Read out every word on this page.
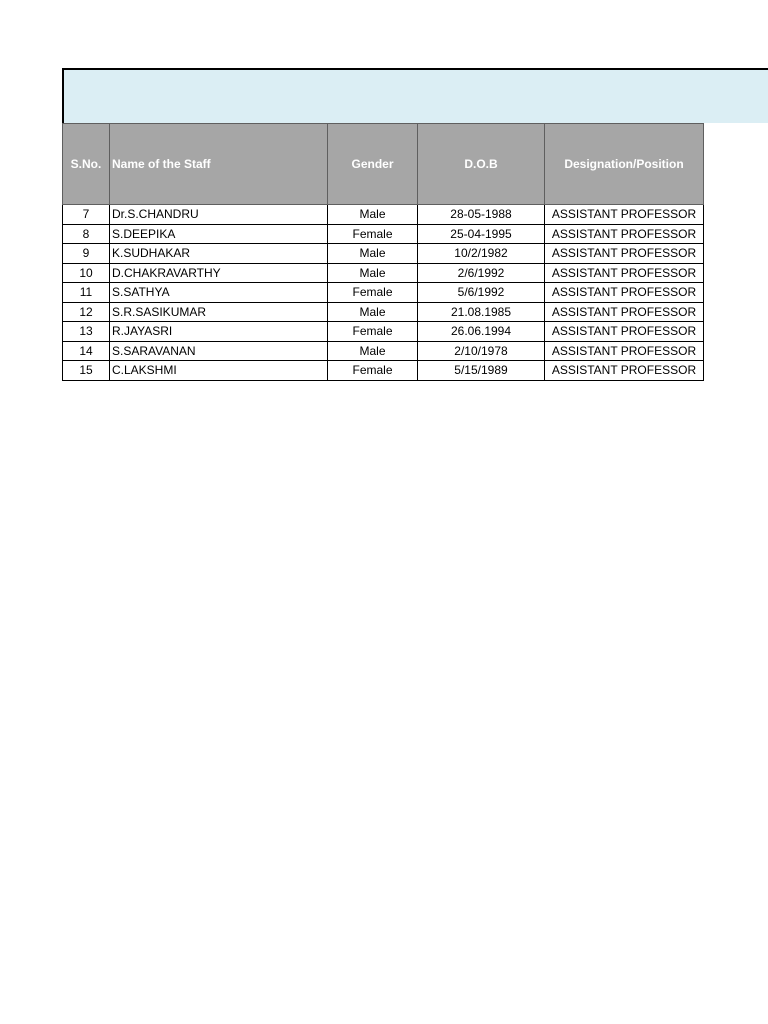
S.No.	Name of the Staff	Gender	D.O.B	Designation/Position
7	Dr.S.CHANDRU	Male	28-05-1988	ASSISTANT PROFESSOR
8	S.DEEPIKA	Female	25-04-1995	ASSISTANT PROFESSOR
9	K.SUDHAKAR	Male	10/2/1982	ASSISTANT PROFESSOR
10	D.CHAKRAVARTHY	Male	2/6/1992	ASSISTANT PROFESSOR
11	S.SATHYA	Female	5/6/1992	ASSISTANT PROFESSOR
12	S.R.SASIKUMAR	Male	21.08.1985	ASSISTANT PROFESSOR
13	R.JAYASRI	Female	26.06.1994	ASSISTANT PROFESSOR
14	S.SARAVANAN	Male	2/10/1978	ASSISTANT PROFESSOR
15	C.LAKSHMI	Female	5/15/1989	ASSISTANT PROFESSOR
